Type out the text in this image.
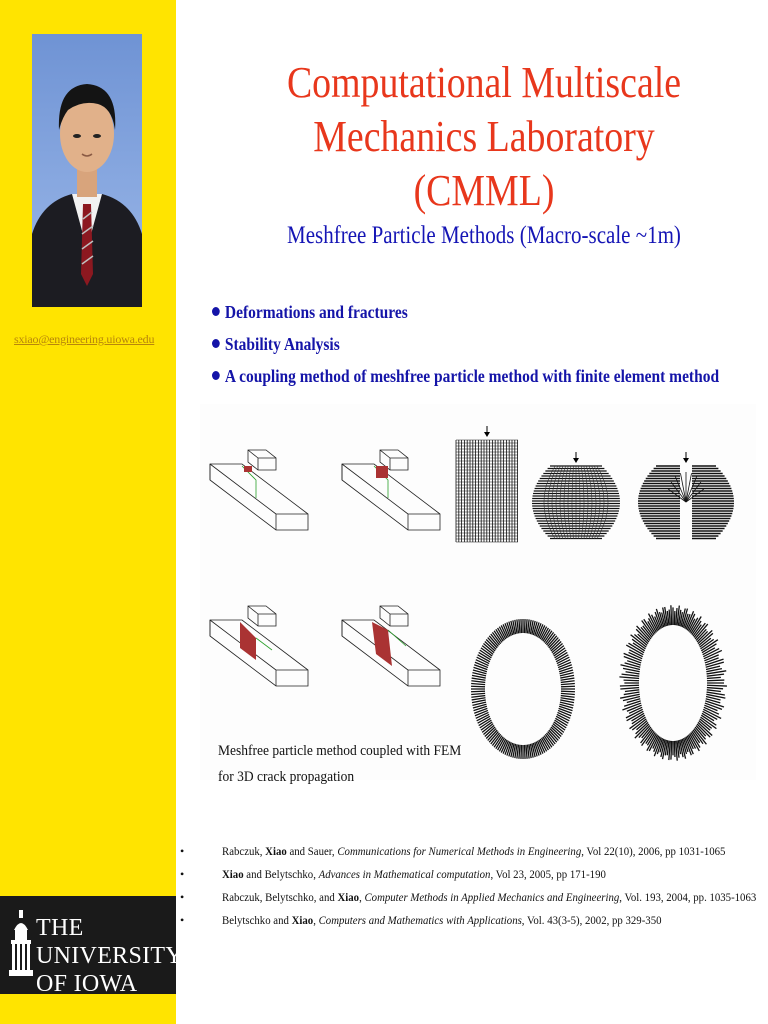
sxiao@engineering.uiowa.edu
THE UNIVERSITY
OF IOWA
Computational Multiscale
Mechanics Laboratory (CMML)
Meshfree Particle Methods (Macro-scale ~1m)
Deformations and fractures
Stability Analysis
A coupling method of meshfree particle method with finite element method
Meshfree particle method coupled with FEM
for 3D crack propagation
•	Rabczuk, Xiao and Sauer, Communications for Numerical Methods in Engineering, Vol 22(10), 2006, pp 1031-1065
•	Xiao and Belytschko, Advances in Mathematical computation, Vol 23, 2005, pp 171-190
•	Rabczuk, Belytschko, and Xiao, Computer Methods in Applied Mechanics and Engineering, Vol. 193, 2004, pp. 1035-1063
•	Belytschko and Xiao, Computers and Mathematics with Applications, Vol. 43(3-5), 2002, pp 329-350
